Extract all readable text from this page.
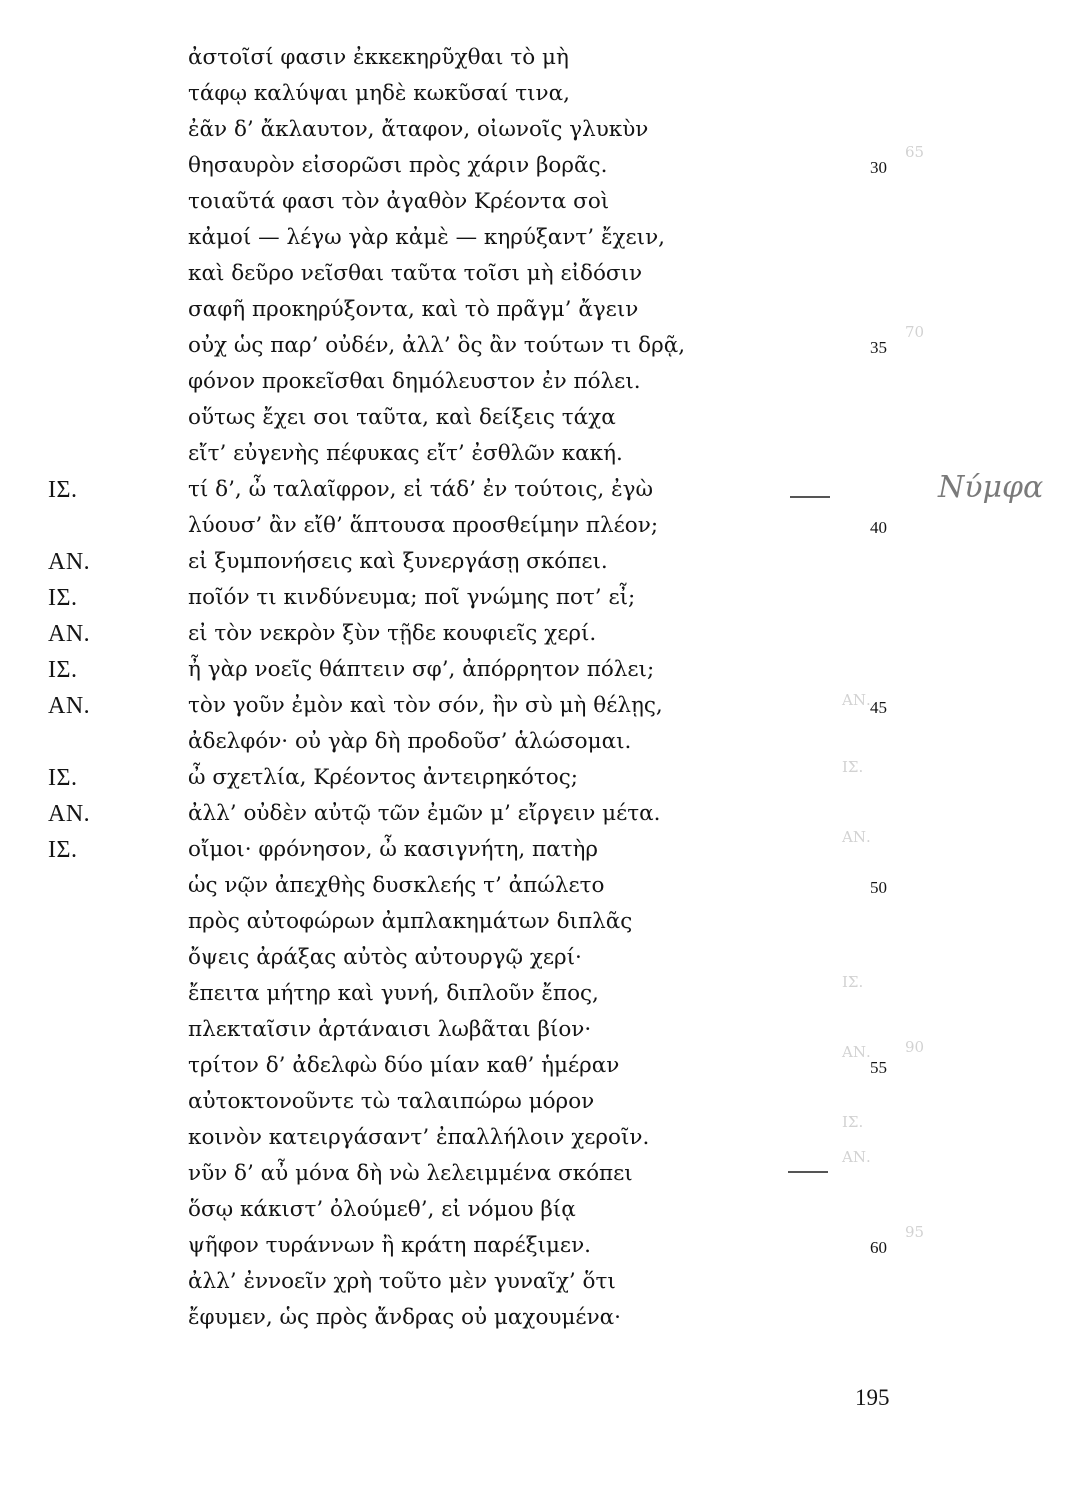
ΑΝ.
ΙΣ.
ΑΝ.
ΙΣ.
ΑΝ.
ΙΣ.
ΑΝ.
65
70
90
95
Νύμφα
ἀστοῖσί φασιν ἐκκεκηρῦχθαι τὸ μὴ
τάφῳ καλύψαι μηδὲ κωκῦσαί τινα,
ἐᾶν δ’ ἄκλαυτον, ἄταφον, οἰωνοῖς γλυκὺν
θησαυρὸν εἰσορῶσι πρὸς χάριν βορᾶς.	30
τοιαῦτά φασι τὸν ἀγαθὸν Κρέοντα σοὶ
κἀμοί — λέγω γὰρ κἀμὲ — κηρύξαντ’ ἔχειν,
καὶ δεῦρο νεῖσθαι ταῦτα τοῖσι μὴ εἰδόσιν
σαφῆ προκηρύξοντα, καὶ τὸ πρᾶγμ’ ἄγειν
οὐχ ὡς παρ’ οὐδέν, ἀλλ’ ὃς ἂν τούτων τι δρᾷ,	35
φόνον προκεῖσθαι δημόλευστον ἐν πόλει.
οὕτως ἔχει σοι ταῦτα, καὶ δείξεις τάχα
εἴτ’ εὐγενὴς πέφυκας εἴτ’ ἐσθλῶν κακή.
ΙΣ.	τί δ’, ὦ ταλαῖφρον, εἰ τάδ’ ἐν τούτοις, ἐγὼ
λύουσ’ ἂν εἴθ’ ἅπτουσα προσθείμην πλέον;	40
ΑΝ.	εἰ ξυμπονήσεις καὶ ξυνεργάσῃ σκόπει.
ΙΣ.	ποῖόν τι κινδύνευμα; ποῖ γνώμης ποτ’ εἶ;
ΑΝ.	εἰ τὸν νεκρὸν ξὺν τῇδε κουφιεῖς χερί.
ΙΣ.	ἦ γὰρ νοεῖς θάπτειν σφ’, ἀπόρρητον πόλει;
ΑΝ.	τὸν γοῦν ἐμὸν καὶ τὸν σόν, ἢν σὺ μὴ θέλῃς,	45
ἀδελφόν· οὐ γὰρ δὴ προδοῦσ’ ἁλώσομαι.
ΙΣ.	ὦ σχετλία, Κρέοντος ἀντειρηκότος;
ΑΝ.	ἀλλ’ οὐδὲν αὐτῷ τῶν ἐμῶν μ’ εἴργειν μέτα.
ΙΣ.	οἴμοι· φρόνησον, ὦ κασιγνήτη, πατὴρ
ὡς νῷν ἀπεχθὴς δυσκλεής τ’ ἀπώλετο	50
πρὸς αὐτοφώρων ἀμπλακημάτων διπλᾶς
ὄψεις ἀράξας αὐτὸς αὐτουργῷ χερί·
ἔπειτα μήτηρ καὶ γυνή, διπλοῦν ἔπος,
πλεκταῖσιν ἀρτάναισι λωβᾶται βίον·
τρίτον δ’ ἀδελφὼ δύο μίαν καθ’ ἡμέραν	55
αὐτοκτονοῦντε τὼ ταλαιπώρω μόρον
κοινὸν κατειργάσαντ’ ἐπαλλήλοιν χεροῖν.
νῦν δ’ αὖ μόνα δὴ νὼ λελειμμένα σκόπει
ὅσῳ κάκιστ’ ὀλούμεθ’, εἰ νόμου βίᾳ
ψῆφον τυράννων ἢ κράτη παρέξιμεν.	60
ἀλλ’ ἐννοεῖν χρὴ τοῦτο μὲν γυναῖχ’ ὅτι
ἔφυμεν, ὡς πρὸς ἄνδρας οὐ μαχουμένα·
195
